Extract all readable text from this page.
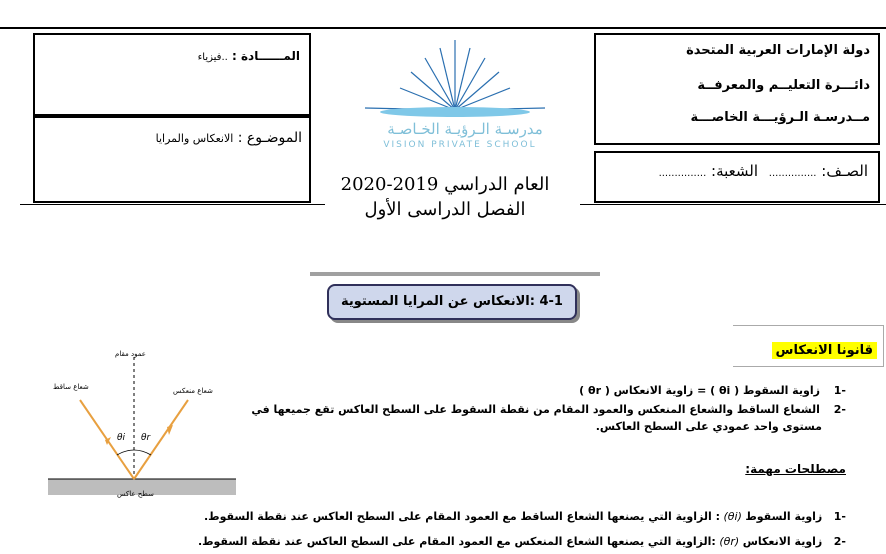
المــــــادة : ..فيزياء
الموضـوع : الانعكاس والمرايا
دولة الإمارات العربية المتحدة
دائـــرة التعليــم والمعرفــة
مــدرسـة الـرؤيـــة الخاصـــة
الصـف: ............... الشعبة: ...............
مدرسـة الـرؤيـة الخـاصـة
VISION PRIVATE SCHOOL
العام الدراسي 2019-2020
الفصل الدراسى الأول
4-1 :الانعكاس عن المرايا المستوية
قانونا الانعكاس
-1 زاوية السقوط ( θi ) = زاوية الانعكاس ( θr )
-2 الشعاع الساقط والشعاع المنعكس والعمود المقام من نقطة السقوط على السطح العاكس تقع جميعها في
مستوى واحد عمودي على السطح العاكس.
عمود مقام
شعاع ساقط	شعاع منعكس
θi θr
سطح عاكس
مصطلحات مهمة:
-1 زاوية السقوط (θi) : الزاوية التي يصنعها الشعاع الساقط مع العمود المقام على السطح العاكس عند نقطة السقوط.
-2 زاوية الانعكاس (θr) :الزاوية التي يصنعها الشعاع المنعكس مع العمود المقام على السطح العاكس عند نقطة السقوط.
